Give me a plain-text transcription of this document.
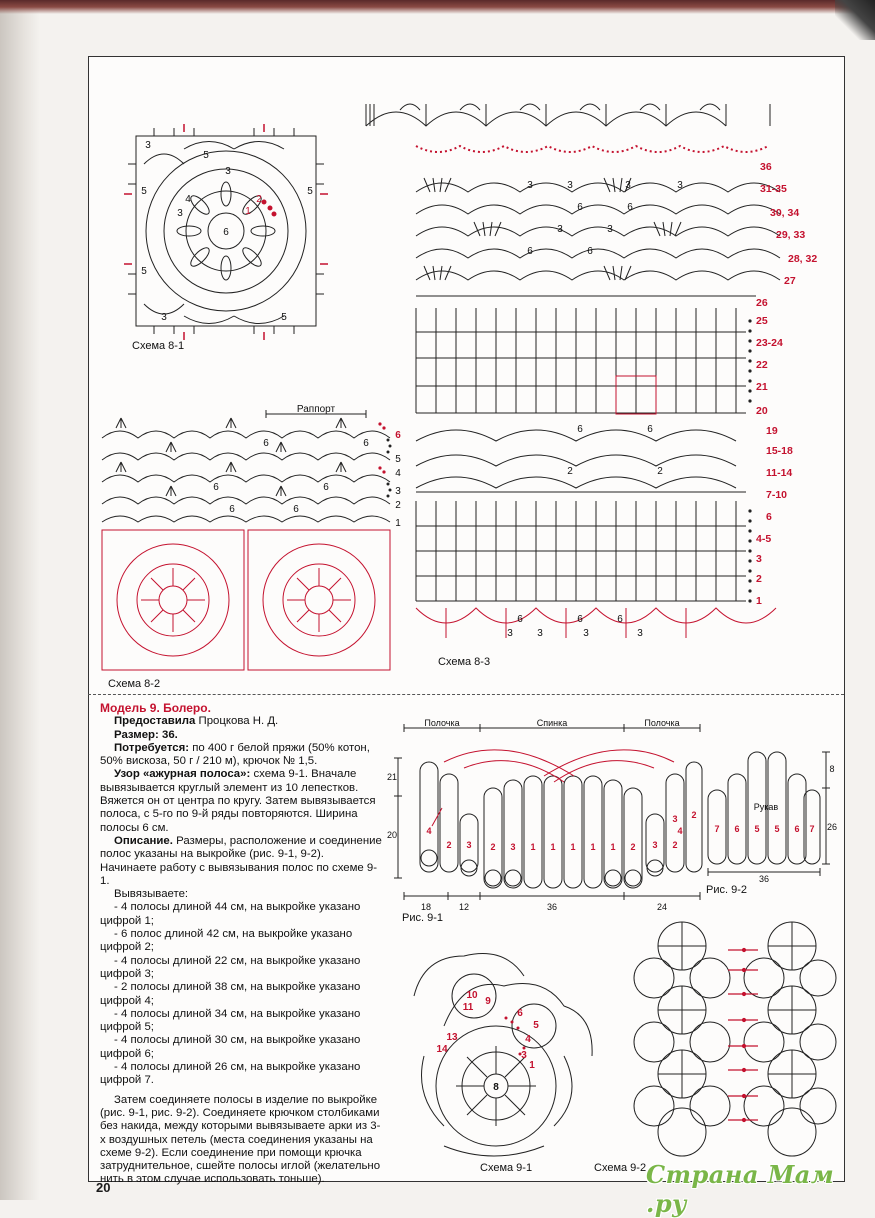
3
5
3
5	5
4
3
2
1
6
5
5
3
Схема 8-1
Раппорт
6	6
6	6
6	6
6
5
4
3
2
1
Схема 8-2
3	3	3	3
6	6
3	3
6	6
6	6
2	2
6	6	6
3 3	3	3
36
31-35
30, 34
29, 33
28, 32
27
26
25
23-24
22
21
20
19
15-18
11-14
7-10
6
4-5
3
2
1
Схема 8-3

Модель 9. Болеро.

Предоставила Процкова Н. Д.

Размер: 36.

Потребуется: по 400 г белой пряжи (50% котон, 50% вискоза, 50 г / 210 м), крючок № 1,5.

Узор «ажурная полоса»: схема 9-1. Вначале вывязывается круглый элемент из 10 лепестков. Вяжется он от центра по кругу. Затем вывязывается полоса, с 5-го по 9-й ряды повторяются. Ширина полосы 6 см.

Описание. Размеры, расположение и соединение полос указаны на выкройке (рис. 9-1, 9-2). Начинаете работу с вывязывания полос по схеме 9-1.

Вывязываете:

- 4 полосы длиной 44 см, на выкройке указано цифрой 1;

- 6 полос длиной 42 см, на выкройке указано цифрой 2;

- 4 полосы длиной 22 см, на выкройке указано цифрой 3;

- 2 полосы длиной 38 см, на выкройке указано цифрой 4;

- 4 полосы длиной 34 см, на выкройке указано цифрой 5;

- 4 полосы длиной 30 см, на выкройке указано цифрой 6;

- 4 полосы длиной 26 см, на выкройке указано цифрой 7.

Затем соединяете полосы в изделие по выкройке (рис. 9-1, рис. 9-2). Соединяете крючком столбиками без накида, между которыми вывязываете арки из 3-х воздушных петель (места соединения указаны на схеме 9-2). Если соединение при помощи крючка затруднительное, сшейте полосы иглой (желательно нить в этом случае использовать тоньше).

Полочка	Спинка	Полочка
21
20
18	12	36	24
4
2 3 2 3 1 1 1 1 1 2 3 2
3
4
2
Рис. 9-1
Рукав
8
26
36
7 6 5 5 6 7
Рис. 9-2
10
9
11
13
14
8
6
5
4
3
1
Схема 9-1	Схема 9-2
20	Страна Мам .ру
